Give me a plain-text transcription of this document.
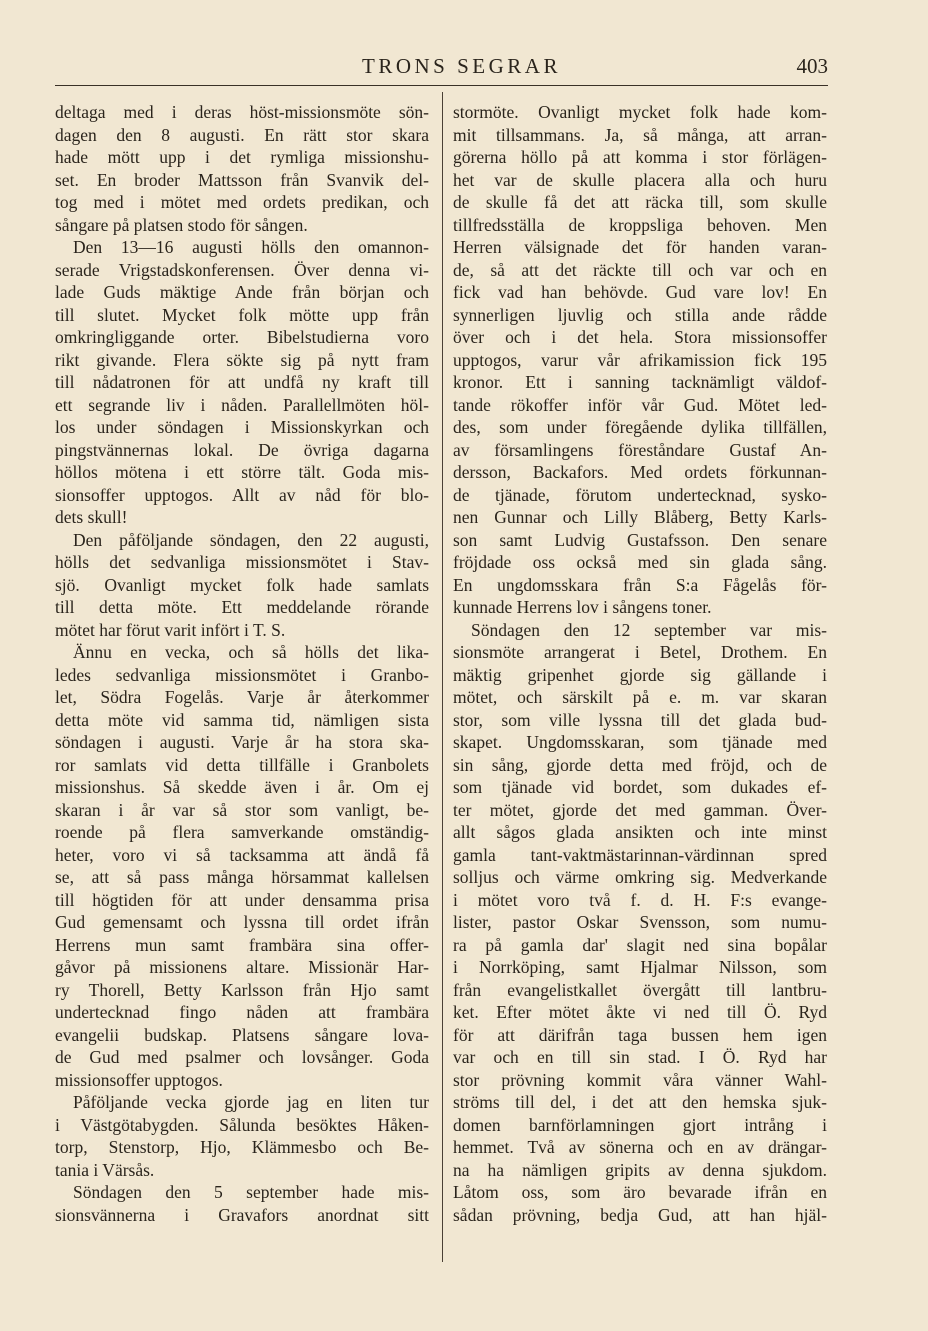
TRONS SEGRAR	403
deltaga med i deras höst-missionsmöte sön-
dagen den 8 augusti. En rätt stor skara
hade mött upp i det rymliga missionshu-
set. En broder Mattsson från Svanvik del-
tog med i mötet med ordets predikan, och
sångare på platsen stodo för sången.
Den 13—16 augusti hölls den omannon-
serade Vrigstadskonferensen. Över denna vi-
lade Guds mäktige Ande från början och
till slutet. Mycket folk mötte upp från
omkringliggande orter. Bibelstudierna voro
rikt givande. Flera sökte sig på nytt fram
till nådatronen för att undfå ny kraft till
ett segrande liv i nåden. Parallellmöten höl-
los under söndagen i Missionskyrkan och
pingstvännernas lokal. De övriga dagarna
höllos mötena i ett större tält. Goda mis-
sionsoffer upptogos. Allt av nåd för blo-
dets skull!
Den påföljande söndagen, den 22 augusti,
hölls det sedvanliga missionsmötet i Stav-
sjö. Ovanligt mycket folk hade samlats
till detta möte. Ett meddelande rörande
mötet har förut varit infört i T. S.
Ännu en vecka, och så hölls det lika-
ledes sedvanliga missionsmötet i Granbo-
let, Södra Fogelås. Varje år återkommer
detta möte vid samma tid, nämligen sista
söndagen i augusti. Varje år ha stora ska-
ror samlats vid detta tillfälle i Granbolets
missionshus. Så skedde även i år. Om ej
skaran i år var så stor som vanligt, be-
roende på flera samverkande omständig-
heter, voro vi så tacksamma att ändå få
se, att så pass många hörsammat kallelsen
till högtiden för att under densamma prisa
Gud gemensamt och lyssna till ordet ifrån
Herrens mun samt frambära sina offer-
gåvor på missionens altare. Missionär Har-
ry Thorell, Betty Karlsson från Hjo samt
undertecknad fingo nåden att frambära
evangelii budskap. Platsens sångare lova-
de Gud med psalmer och lovsånger. Goda
missionsoffer upptogos.
Påföljande vecka gjorde jag en liten tur
i Västgötabygden. Sålunda besöktes Håken-
torp, Stenstorp, Hjo, Klämmesbo och Be-
tania i Värsås.
Söndagen den 5 september hade mis-
sionsvännerna i Gravafors anordnat sitt
stormöte. Ovanligt mycket folk hade kom-
mit tillsammans. Ja, så många, att arran-
görerna höllo på att komma i stor förlägen-
het var de skulle placera alla och huru
de skulle få det att räcka till, som skulle
tillfredsställa de kroppsliga behoven. Men
Herren välsignade det för handen varan-
de, så att det räckte till och var och en
fick vad han behövde. Gud vare lov! En
synnerligen ljuvlig och stilla ande rådde
över och i det hela. Stora missionsoffer
upptogos, varur vår afrikamission fick 195
kronor. Ett i sanning tacknämligt väldof-
tande rökoffer inför vår Gud. Mötet led-
des, som under föregående dylika tillfällen,
av församlingens föreståndare Gustaf An-
dersson, Backafors. Med ordets förkunnan-
de tjänade, förutom undertecknad, sysko-
nen Gunnar och Lilly Blåberg, Betty Karls-
son samt Ludvig Gustafsson. Den senare
fröjdade oss också med sin glada sång.
En ungdomsskara från S:a Fågelås för-
kunnade Herrens lov i sångens toner.
Söndagen den 12 september var mis-
sionsmöte arrangerat i Betel, Drothem. En
mäktig gripenhet gjorde sig gällande i
mötet, och särskilt på e. m. var skaran
stor, som ville lyssna till det glada bud-
skapet. Ungdomsskaran, som tjänade med
sin sång, gjorde detta med fröjd, och de
som tjänade vid bordet, som dukades ef-
ter mötet, gjorde det med gamman. Över-
allt sågos glada ansikten och inte minst
gamla tant-vaktmästarinnan-värdinnan spred
solljus och värme omkring sig. Medverkande
i mötet voro två f. d. H. F:s evange-
lister, pastor Oskar Svensson, som numu-
ra på gamla dar' slagit ned sina bopålar
i Norrköping, samt Hjalmar Nilsson, som
från evangelistkallet övergått till lantbru-
ket. Efter mötet åkte vi ned till Ö. Ryd
för att därifrån taga bussen hem igen
var och en till sin stad. I Ö. Ryd har
stor prövning kommit våra vänner Wahl-
ströms till del, i det att den hemska sjuk-
domen barnförlamningen gjort intrång i
hemmet. Två av sönerna och en av drängar-
na ha nämligen gripits av denna sjukdom.
Låtom oss, som äro bevarade ifrån en
sådan prövning, bedja Gud, att han hjäl-
